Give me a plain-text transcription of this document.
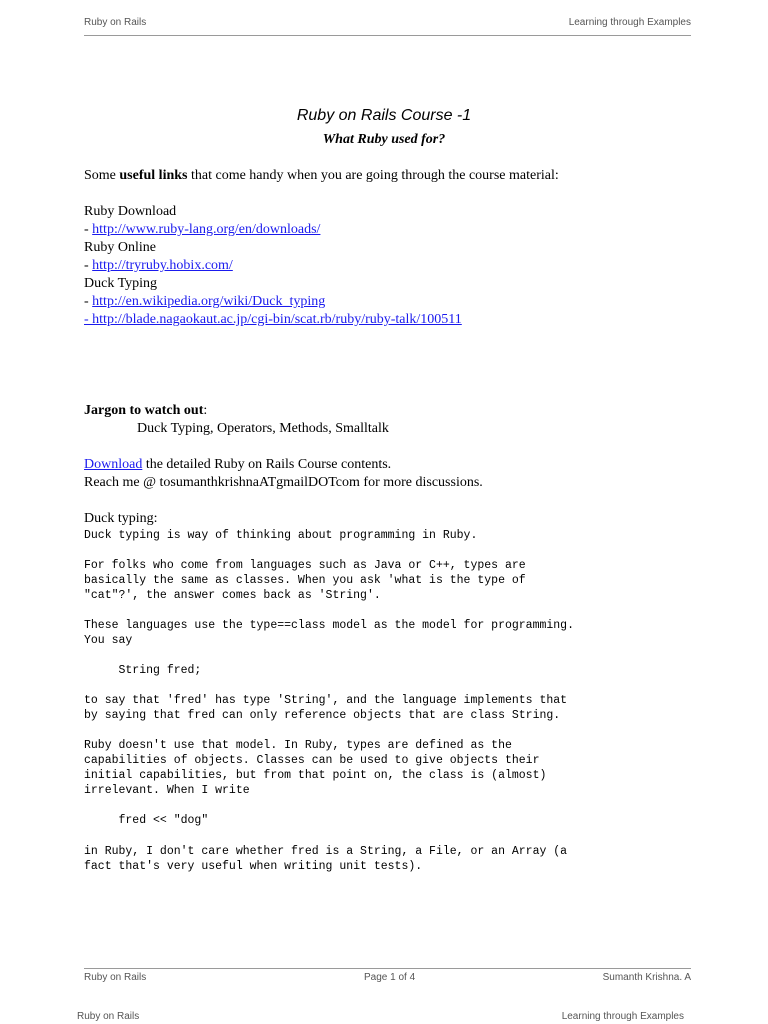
Ruby on Rails	Learning through Examples
Ruby on Rails Course -1
What Ruby used for?
Some useful links that come handy when you are going through the course material:
Ruby Download
- http://www.ruby-lang.org/en/downloads/
Ruby Online
- http://tryruby.hobix.com/
Duck Typing
- http://en.wikipedia.org/wiki/Duck_typing
- http://blade.nagaokaut.ac.jp/cgi-bin/scat.rb/ruby/ruby-talk/100511
Jargon to watch out:
Duck Typing, Operators, Methods, Smalltalk
Download the detailed Ruby on Rails Course contents.
Reach me @ tosumanthkrishnaATgmailDOTcom for more discussions.
Duck typing:
Duck typing is way of thinking about programming in Ruby.
For folks who come from languages such as Java or C++, types are
basically the same as classes. When you ask 'what is the type of
"cat"?', the answer comes back as 'String'.
These languages use the type==class model as the model for programming.
You say
String fred;
to say that 'fred' has type 'String', and the language implements that
by saying that fred can only reference objects that are class String.
Ruby doesn't use that model. In Ruby, types are defined as the
capabilities of objects. Classes can be used to give objects their
initial capabilities, but from that point on, the class is (almost)
irrelevant. When I write
fred << "dog"
in Ruby, I don't care whether fred is a String, a File, or an Array (a
fact that's very useful when writing unit tests).
Ruby on Rails	Page 1 of 4	Sumanth Krishna. A
Ruby on Rails	Learning through Examples
